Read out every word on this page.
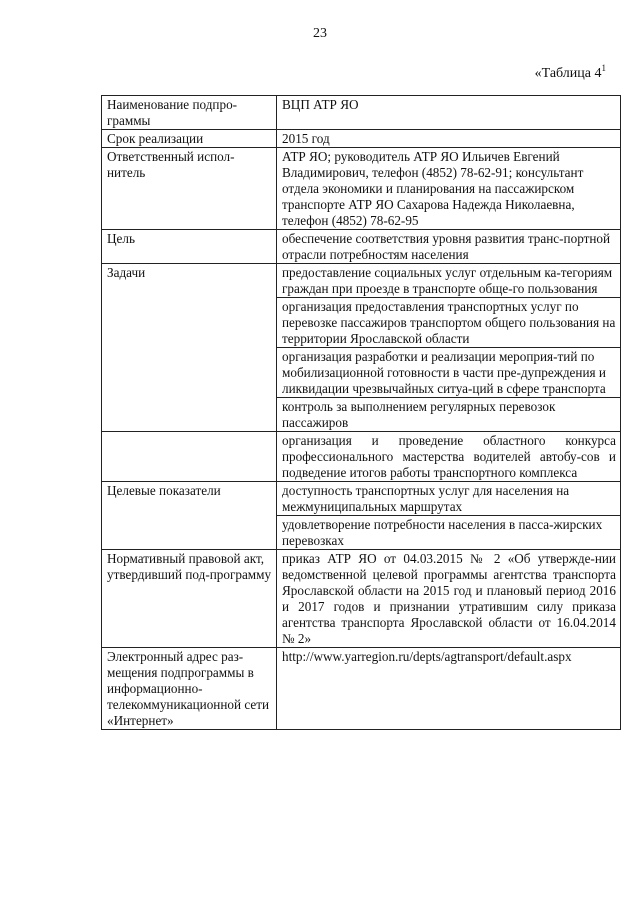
23
«Таблица $4^1$
Наименование подпро-граммы	ВЦП АТР ЯО
Срок реализации	2015 год
Ответственный испол-нитель	АТР ЯО; руководитель АТР ЯО Ильичев Евгений Владимирович, телефон (4852) 78-62-91; консультант отдела экономики и планирования на пассажирском транспорте АТР ЯО Сахарова Надежда Николаевна, телефон (4852) 78-62-95
Цель	обеспечение соответствия уровня развития транс-портной отрасли потребностям населения
Задачи	предоставление социальных услуг отдельным ка-тегориям граждан при проезде в транспорте обще-го пользования
	организация предоставления транспортных услуг по перевозке пассажиров транспортом общего пользования на территории Ярославской области
	организация разработки и реализации мероприя-тий по мобилизационной готовности в части пре-дупреждения и ликвидации чрезвычайных ситуа-ций в сфере транспорта
	контроль за выполнением регулярных перевозок пассажиров
	организация и проведение областного конкурса профессионального мастерства водителей автобу-сов и подведение итогов работы транспортного комплекса
Целевые показатели	доступность транспортных услуг для населения на межмуниципальных маршрутах
	удовлетворение потребности населения в пасса-жирских перевозках
Нормативный правовой акт, утвердивший под-программу	приказ АТР ЯО от 04.03.2015 № 2 «Об утвержде-нии ведомственной целевой программы агентства транспорта Ярославской области на 2015 год и плановый период 2016 и 2017 годов и признании утратившим силу приказа агентства транспорта Ярославской области от 16.04.2014 № 2»
Электронный адрес раз-мещения подпрограммы в информационно-телекоммуникационной сети «Интернет»	http://www.yarregion.ru/depts/agtransport/default.aspx
